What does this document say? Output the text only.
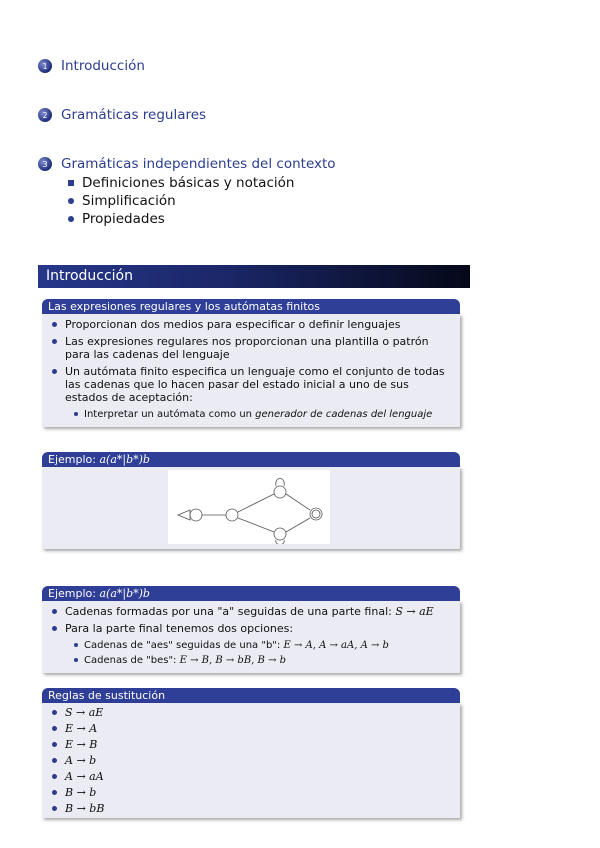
1 Introducción
2 Gramáticas regulares
3 Gramáticas independientes del contexto
Definiciones básicas y notación
Simplificación
Propiedades
Introducción
Las expresiones regulares y los autómatas finitos
Proporcionan dos medios para especificar o definir lenguajes
Las expresiones regulares nos proporcionan una plantilla o patrón para las cadenas del lenguaje
Un autómata finito especifica un lenguaje como el conjunto de todas las cadenas que lo hacen pasar del estado inicial a uno de sus estados de aceptación:
Interpretar un autómata como un generador de cadenas del lenguaje
Ejemplo: a(a*|b*)b
Ejemplo: a(a*|b*)b
Cadenas formadas por una "a" seguidas de una parte final: S → aE
Para la parte final tenemos dos opciones:
Cadenas de "aes" seguidas de una "b": E → A, A → aA, A → b
Cadenas de "bes": E → B, B → bB, B → b
Reglas de sustitución
S → aE
E → A
E → B
A → b
A → aA
B → b
B → bB
